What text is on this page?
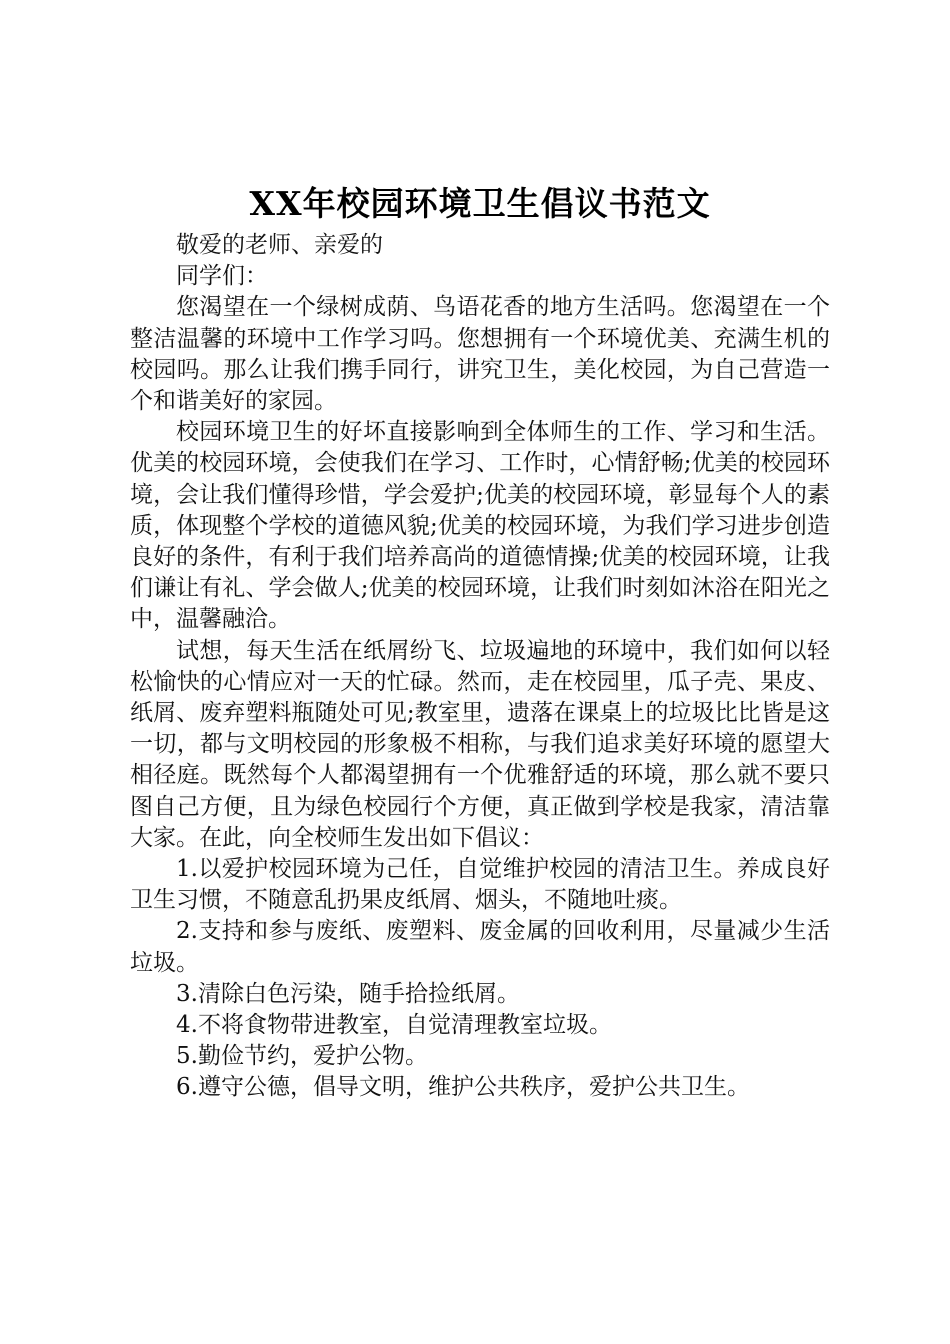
XX年校园环境卫生倡议书范文

敬爱的老师、亲爱的

同学们：

您渴望在一个绿树成荫、鸟语花香的地方生活吗。您渴望在一个整洁温馨的环境中工作学习吗。您想拥有一个环境优美、充满生机的校园吗。那么让我们携手同行，讲究卫生，美化校园，为自己营造一个和谐美好的家园。

校园环境卫生的好坏直接影响到全体师生的工作、学习和生活。优美的校园环境，会使我们在学习、工作时，心情舒畅;优美的校园环境，会让我们懂得珍惜，学会爱护;优美的校园环境，彰显每个人的素质，体现整个学校的道德风貌;优美的校园环境，为我们学习进步创造良好的条件，有利于我们培养高尚的道德情操;优美的校园环境，让我们谦让有礼、学会做人;优美的校园环境，让我们时刻如沐浴在阳光之中，温馨融洽。

试想，每天生活在纸屑纷飞、垃圾遍地的环境中，我们如何以轻松愉快的心情应对一天的忙碌。然而，走在校园里，瓜子壳、果皮、纸屑、废弃塑料瓶随处可见;教室里，遗落在课桌上的垃圾比比皆是这一切，都与文明校园的形象极不相称，与我们追求美好环境的愿望大相径庭。既然每个人都渴望拥有一个优雅舒适的环境，那么就不要只图自己方便，且为绿色校园行个方便，真正做到学校是我家，清洁靠大家。在此，向全校师生发出如下倡议：

1.以爱护校园环境为己任，自觉维护校园的清洁卫生。养成良好卫生习惯，不随意乱扔果皮纸屑、烟头，不随地吐痰。

2.支持和参与废纸、废塑料、废金属的回收利用，尽量减少生活垃圾。

3.清除白色污染，随手拾捡纸屑。

4.不将食物带进教室，自觉清理教室垃圾。

5.勤俭节约，爱护公物。

6.遵守公德，倡导文明，维护公共秩序，爱护公共卫生。
